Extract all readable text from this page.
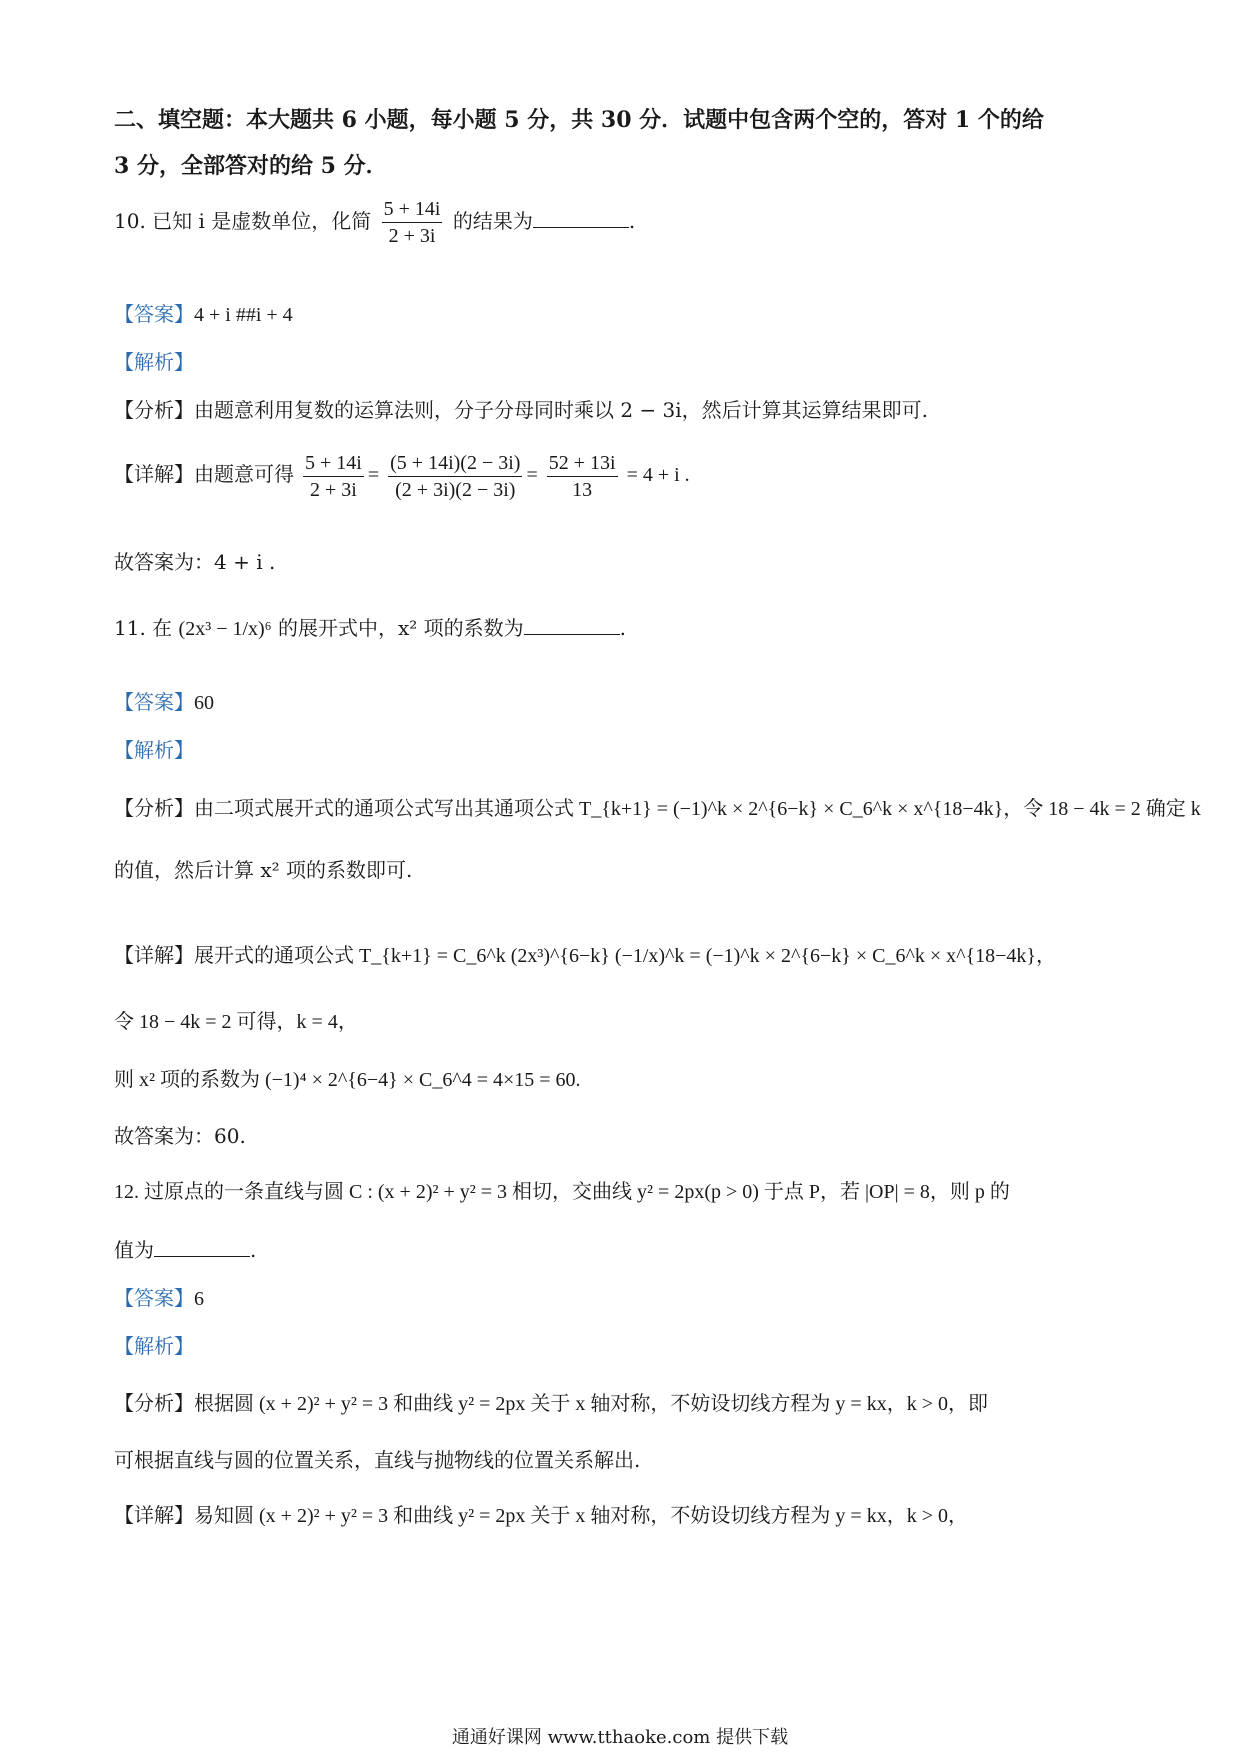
二、填空题：本大题共 6 小题，每小题 5 分，共 30 分．试题中包含两个空的，答对 1 个的给
3 分，全部答对的给 5 分．
10. 已知 i 是虚数单位，化简 $\frac{5 + 14i}{2 + 3i}$ 的结果为	.
【答案】4 + i ##i + 4
【解析】
【分析】由题意利用复数的运算法则，分子分母同时乘以 2 − 3i，然后计算其运算结果即可.
【详解】由题意可得 $\frac{5 + 14i}{2 + 3i} = \frac{(5 + 14i)(2 - 3i)}{(2 + 3i)(2 - 3i)} = \frac{52 + 13i}{13} = 4 + i$ .
故答案为：4 + i .
11. 在 (2x³ − 1/x)⁶ 的展开式中，x² 项的系数为	.
【答案】60
【解析】
【分析】由二项式展开式的通项公式写出其通项公式 T_{k+1} = (−1)^k × 2^{6−k} × C_6^k × x^{18−4k}，令 18 − 4k = 2 确定 k
的值，然后计算 x² 项的系数即可.
【详解】展开式的通项公式 T_{k+1} = C_6^k (2x³)^{6−k} (−1/x)^k = (−1)^k × 2^{6−k} × C_6^k × x^{18−4k}，
令 18 − 4k = 2 可得，k = 4，
则 x² 项的系数为 (−1)⁴ × 2^{6−4} × C_6^4 = 4×15 = 60.
故答案为：60.
12. 过原点的一条直线与圆 C : (x + 2)² + y² = 3 相切，交曲线 y² = 2px(p > 0) 于点 P，若 |OP| = 8，则 p 的
值为	.
【答案】6
【解析】
【分析】根据圆 (x + 2)² + y² = 3 和曲线 y² = 2px 关于 x 轴对称，不妨设切线方程为 y = kx，k > 0，即
可根据直线与圆的位置关系，直线与抛物线的位置关系解出.
【详解】易知圆 (x + 2)² + y² = 3 和曲线 y² = 2px 关于 x 轴对称，不妨设切线方程为 y = kx，k > 0，
通通好课网 www.tthaoke.com 提供下载
